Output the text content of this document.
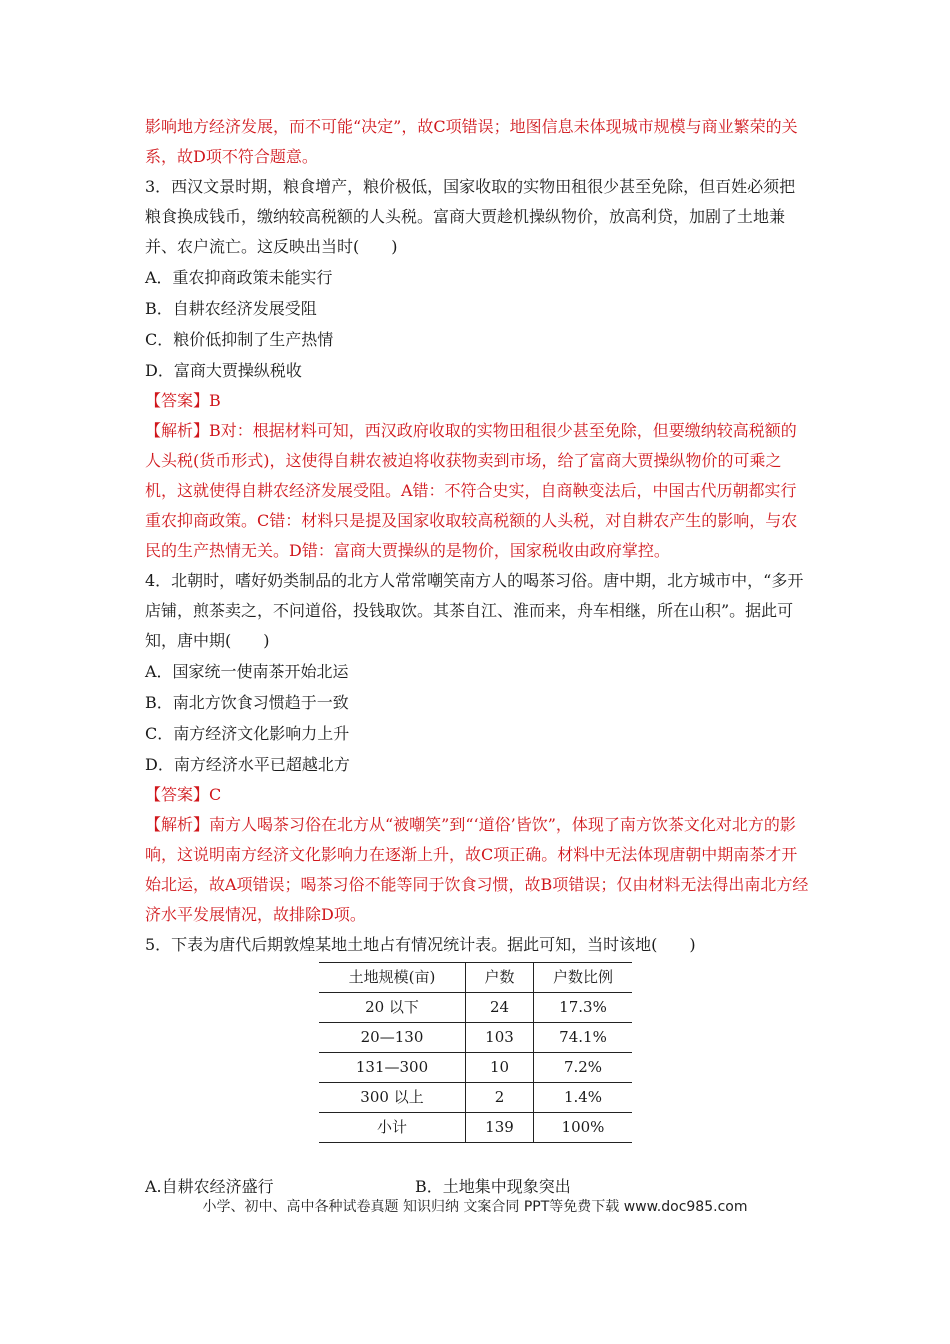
影响地方经济发展，而不可能“决定”，故C项错误；地图信息未体现城市规模与商业繁荣的关系，故D项不符合题意。

3．西汉文景时期，粮食增产，粮价极低，国家收取的实物田租很少甚至免除，但百姓必须把粮食换成钱币，缴纳较高税额的人头税。富商大贾趁机操纵物价，放高利贷，加剧了土地兼并、农户流亡。这反映出当时(　　)

A．重农抑商政策未能实行

B．自耕农经济发展受阻

C．粮价低抑制了生产热情

D．富商大贾操纵税收

【答案】B

【解析】B对：根据材料可知，西汉政府收取的实物田租很少甚至免除，但要缴纳较高税额的人头税(货币形式)，这使得自耕农被迫将收获物卖到市场，给了富商大贾操纵物价的可乘之机，这就使得自耕农经济发展受阻。A错：不符合史实，自商鞅变法后，中国古代历朝都实行重农抑商政策。C错：材料只是提及国家收取较高税额的人头税，对自耕农产生的影响，与农民的生产热情无关。D错：富商大贾操纵的是物价，国家税收由政府掌控。

4．北朝时，嗜好奶类制品的北方人常常嘲笑南方人的喝茶习俗。唐中期，北方城市中，“多开店铺，煎茶卖之，不问道俗，投钱取饮。其茶自江、淮而来，舟车相继，所在山积”。据此可知，唐中期(　　)

A．国家统一使南茶开始北运

B．南北方饮食习惯趋于一致

C．南方经济文化影响力上升

D．南方经济水平已超越北方

【答案】C

【解析】南方人喝茶习俗在北方从“被嘲笑”到“‘道俗’皆饮”，体现了南方饮茶文化对北方的影响，这说明南方经济文化影响力在逐渐上升，故C项正确。材料中无法体现唐朝中期南茶才开始北运，故A项错误；喝茶习俗不能等同于饮食习惯，故B项错误；仅由材料无法得出南北方经济水平发展情况，故排除D项。

5．下表为唐代后期敦煌某地土地占有情况统计表。据此可知，当时该地(　　)

土地规模(亩)	户数	户数比例
20 以下	24	17.3%
20—130	103	74.1%
131—300	10	7.2%
300 以上	2	1.4%
小计	139	100%
A.自耕农经济盛行	B．土地集中现象突出
小学、初中、高中各种试卷真题 知识归纳 文案合同 PPT等免费下载 www.doc985.com
